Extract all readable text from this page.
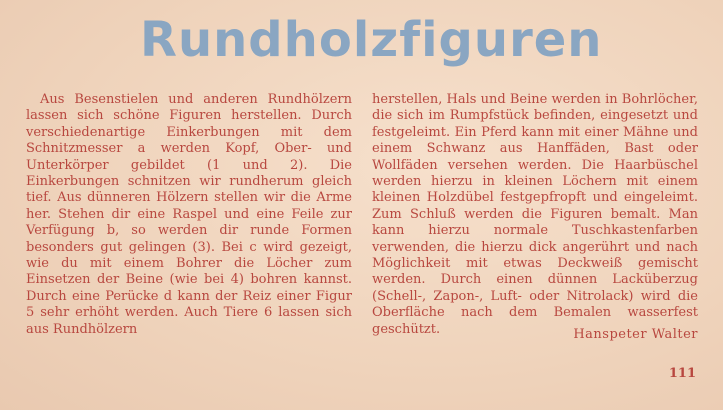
Rundholzfiguren

Aus Besenstielen und anderen Rundhölzern lassen sich schöne Figuren herstellen. Durch verschiedenartige Einkerbungen mit dem Schnitzmesser a werden Kopf, Ober- und Unterkörper gebildet (1 und 2). Die Einkerbungen schnitzen wir rundherum gleich tief. Aus dünneren Hölzern stellen wir die Arme her. Stehen dir eine Raspel und eine Feile zur Verfügung b, so werden dir runde Formen besonders gut gelingen (3). Bei c wird gezeigt, wie du mit einem Bohrer die Löcher zum Einsetzen der Beine (wie bei 4) bohren kannst. Durch eine Perücke d kann der Reiz einer Figur 5 sehr erhöht werden. Auch Tiere 6 lassen sich aus Rundhölzern

herstellen, Hals und Beine werden in Bohrlöcher, die sich im Rumpfstück befinden, eingesetzt und festgeleimt. Ein Pferd kann mit einer Mähne und einem Schwanz aus Hanffäden, Bast oder Wollfäden versehen werden. Die Haarbüschel werden hierzu in kleinen Löchern mit einem kleinen Holzdübel festgepfropft und eingeleimt. Zum Schluß werden die Figuren bemalt. Man kann hierzu normale Tuschkastenfarben verwenden, die hierzu dick angerührt und nach Möglichkeit mit etwas Deckweiß gemischt werden. Durch einen dünnen Lacküberzug (Schell-, Zapon-, Luft- oder Nitrolack) wird die Oberfläche nach dem Bemalen wasserfest geschützt.	Hanspeter Walter
111
